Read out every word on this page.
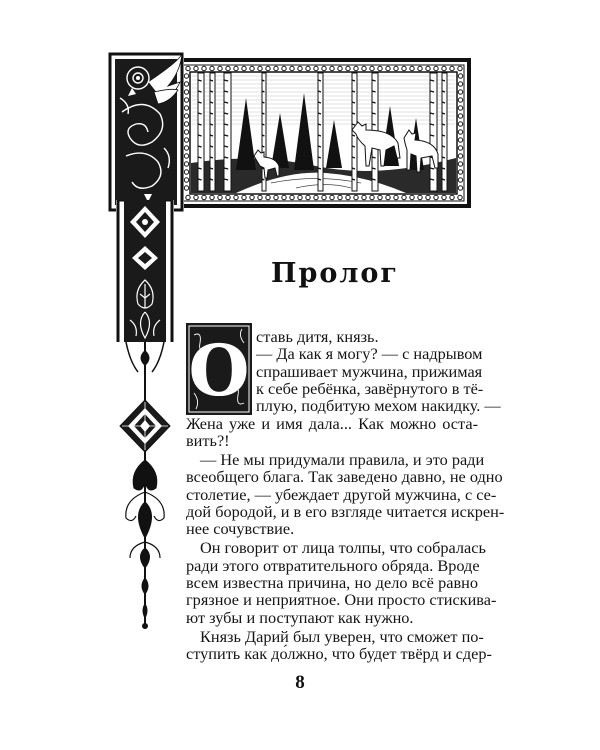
Пролог
О ставь дитя, князь.
— Да как я могу? — с надрывом
спрашивает мужчина, прижимая
к себе ребёнка, завёрнутого в тё-
плую, подбитую мехом накидку. —
Жена уже и имя дала... Как можно оста-
вить?!
— Не мы придумали правила, и это ради
всеобщего блага. Так заведено давно, не одно
столетие, — убеждает другой мужчина, с се-
дой бородой, и в его взгляде читается искрен-
нее сочувствие.
Он говорит от лица толпы, что собралась
ради этого отвратительного обряда. Вроде
всем известна причина, но дело всё равно
грязное и неприятное. Они просто стискива-
ют зубы и поступают как нужно.
Князь Дарий был уверен, что сможет по-
ступить как до́лжно, что будет твёрд и сдер-
8
